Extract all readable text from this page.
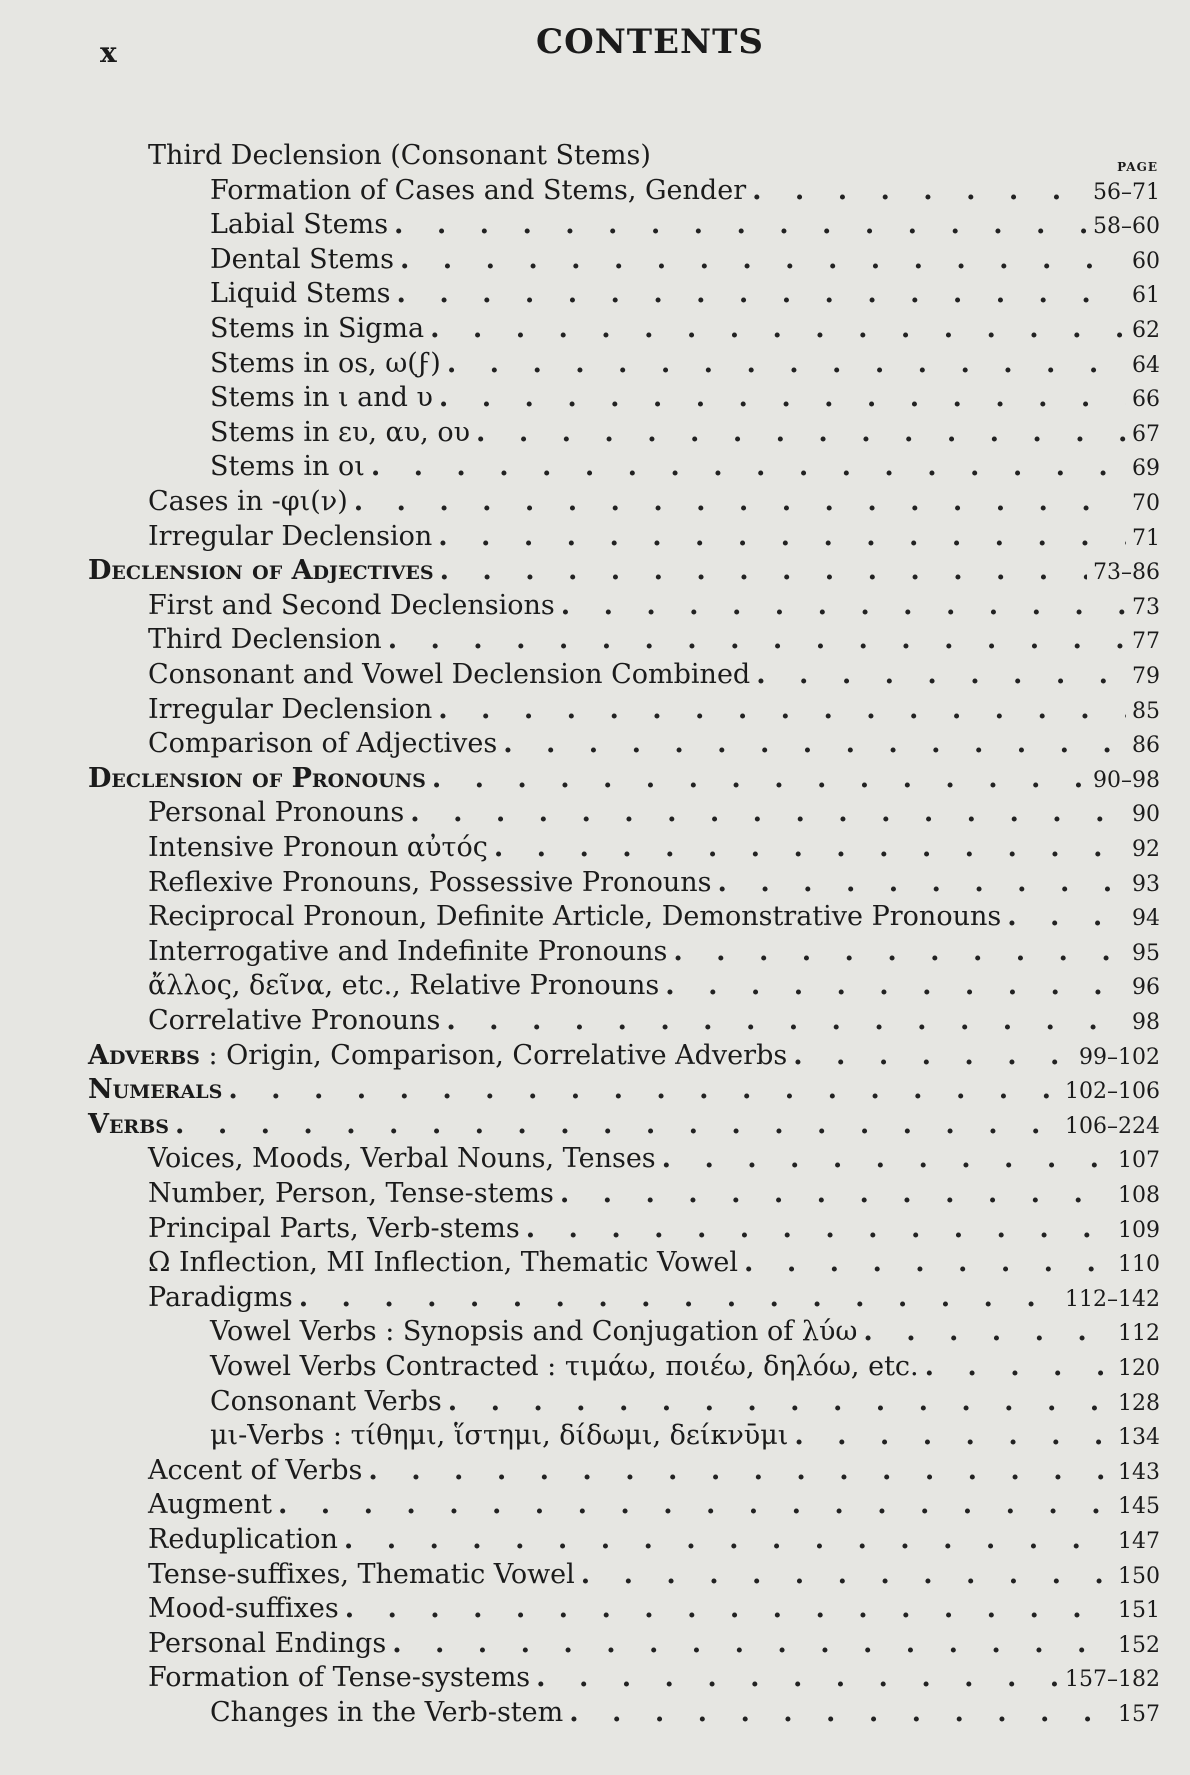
x	CONTENTS
PAGE
Third Declension (Consonant Stems)
Formation of Cases and Stems, Gender . . .	56–71
Labial Stems . . .	58–60
Dental Stems . . .	60
Liquid Stems . . .	61
Stems in Sigma . . .	62
Stems in οs, ω(ϝ) . . .	64
Stems in ι and υ . . .	66
Stems in ευ, αυ, ου . . .	67
Stems in οι . . .	69
Cases in -φι(ν) . . .	70
Irregular Declension . . .	71
Declension of Adjectives . . .	73–86
First and Second Declensions . . .	73
Third Declension . . .	77
Consonant and Vowel Declension Combined . . .	79
Irregular Declension . . .	85
Comparison of Adjectives . . .	86
Declension of Pronouns . . .	90–98
Personal Pronouns . . .	90
Intensive Pronoun αὐτός . . .	92
Reflexive Pronouns, Possessive Pronouns . . .	93
Reciprocal Pronoun, Definite Article, Demonstrative Pronouns . . .	94
Interrogative and Indefinite Pronouns . . .	95
ἄλλος, δεῖνα, etc., Relative Pronouns . . .	96
Correlative Pronouns . . .	98
Adverbs : Origin, Comparison, Correlative Adverbs . . .	99–102
Numerals . . .	102–106
Verbs . . .	106–224
Voices, Moods, Verbal Nouns, Tenses . . .	107
Number, Person, Tense-stems . . .	108
Principal Parts, Verb-stems . . .	109
Ω Inflection, MI Inflection, Thematic Vowel . . .	110
Paradigms . . .	112–142
Vowel Verbs : Synopsis and Conjugation of λύω . . .	112
Vowel Verbs Contracted : τιμάω, ποιέω, δηλόω, etc. . . .	120
Consonant Verbs . . .	128
μι-Verbs : τίθημι, ἵστημι, δίδωμι, δείκνῡμι . . .	134
Accent of Verbs . . .	143
Augment . . .	145
Reduplication . . .	147
Tense-suffixes, Thematic Vowel . . .	150
Mood-suffixes . . .	151
Personal Endings . . .	152
Formation of Tense-systems . . .	157–182
Changes in the Verb-stem . . .	157
